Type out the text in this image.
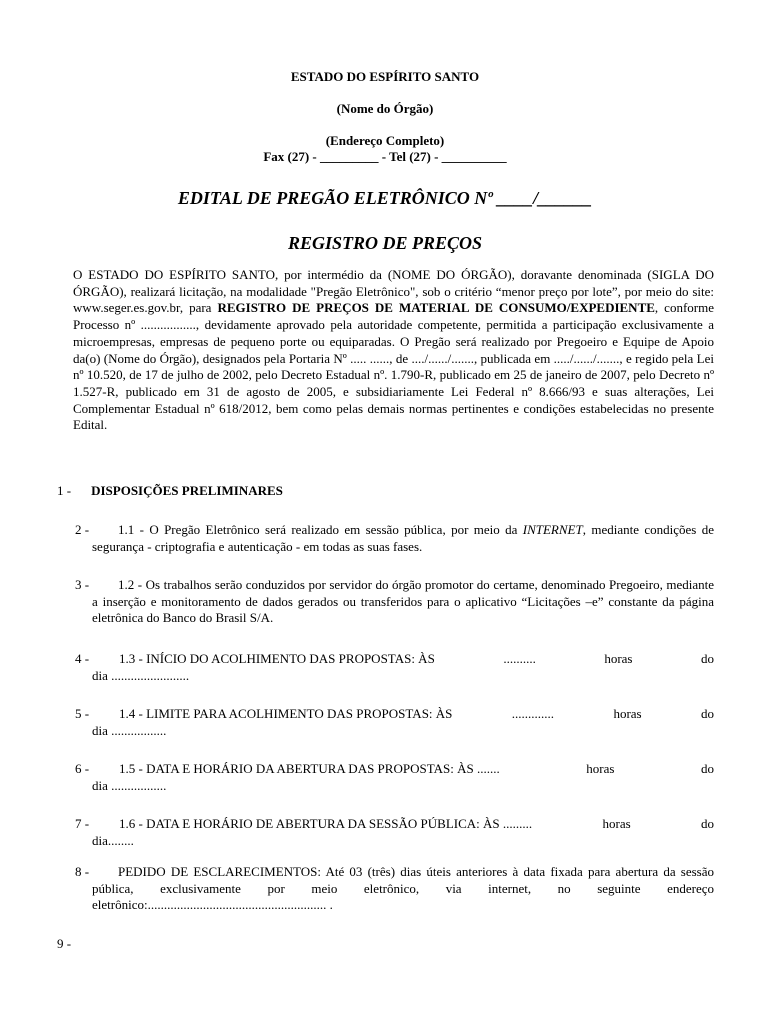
ESTADO DO ESPÍRITO SANTO
(Nome do Órgão)
(Endereço Completo)
Fax (27) - _________ - Tel (27) - __________
EDITAL DE PREGÃO ELETRÔNICO Nº ____/______
REGISTRO DE PREÇOS
O ESTADO DO ESPÍRITO SANTO, por intermédio da (NOME DO ÓRGÃO), doravante denominada (SIGLA DO ÓRGÃO), realizará licitação, na modalidade "Pregão Eletrônico", sob o critério “menor preço por lote”, por meio do site: www.seger.es.gov.br, para REGISTRO DE PREÇOS DE MATERIAL DE CONSUMO/EXPEDIENTE, conforme Processo nº ................., devidamente aprovado pela autoridade competente, permitida a participação exclusivamente a microempresas, empresas de pequeno porte ou equiparadas. O Pregão será realizado por Pregoeiro e Equipe de Apoio da(o) (Nome do Órgão), designados pela Portaria Nº ..... ......, de ..../....../......., publicada em ...../....../......., e regido pela Lei nº 10.520, de 17 de julho de 2002, pelo Decreto Estadual nº. 1.790-R, publicado em 25 de janeiro de 2007, pelo Decreto nº 1.527-R, publicado em 31 de agosto de 2005, e subsidiariamente Lei Federal nº 8.666/93 e suas alterações, Lei Complementar Estadual nº 618/2012, bem como pelas demais normas pertinentes e condições estabelecidas no presente Edital.
1 - DISPOSIÇÕES PRELIMINARES
2 -	1.1 - O Pregão Eletrônico será realizado em sessão pública, por meio da INTERNET, mediante condições de segurança - criptografia e autenticação - em todas as suas fases.
3 -	1.2 - Os trabalhos serão conduzidos por servidor do órgão promotor do certame, denominado Pregoeiro, mediante a inserção e monitoramento de dados gerados ou transferidos para o aplicativo “Licitações –e” constante da página eletrônica do Banco do Brasil S/A.
4 - 1.3 - INÍCIO DO ACOLHIMENTO DAS PROPOSTAS: ÀS	..........	horas	do
dia ........................
5 - 1.4 - LIMITE PARA ACOLHIMENTO DAS PROPOSTAS: ÀS	.............	horas	do
dia .................
6 - 1.5 - DATA E HORÁRIO DA ABERTURA DAS PROPOSTAS: ÀS .......	horas	do
dia .................
7 - 1.6 - DATA E HORÁRIO DE ABERTURA DA SESSÃO PÚBLICA: ÀS .........	horas	do
dia........
8 -	PEDIDO DE ESCLARECIMENTOS: Até 03 (três) dias úteis anteriores à data fixada para abertura da sessão pública, exclusivamente por meio eletrônico, via internet, no seguinte endereço eletrônico:....................................................... .
9 -
